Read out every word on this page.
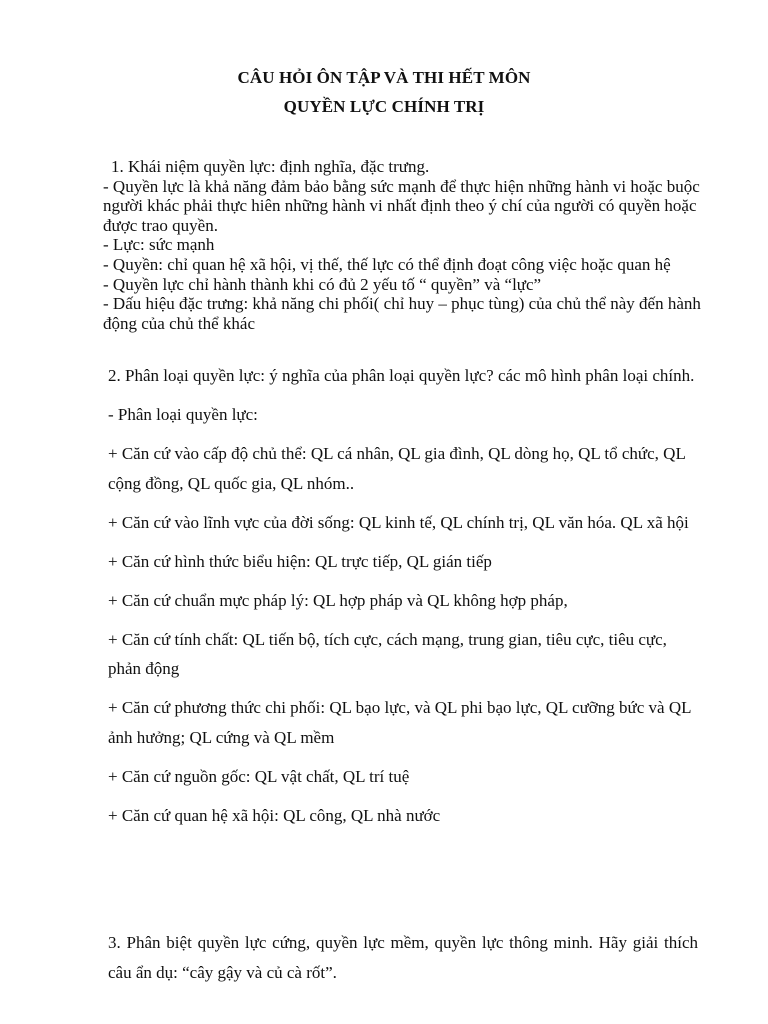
CÂU HỎI ÔN TẬP VÀ THI HẾT MÔN
QUYỀN LỰC CHÍNH TRỊ
1. Khái niệm quyền lực: định nghĩa, đặc trưng.
- Quyền lực là khả năng đảm bảo bằng sức mạnh để thực hiện những hành vi hoặc buộc người khác phải thực hiên những hành vi nhất định theo ý chí của người có quyền hoặc được trao quyền.
- Lực: sức mạnh
- Quyền: chỉ quan hệ xã hội, vị thế, thế lực có thể định đoạt công việc hoặc quan hệ
- Quyền lực chỉ hành thành khi có đủ 2 yếu tố “ quyền” và “lực”
- Dấu hiệu đặc trưng: khả năng chi phối( chỉ huy – phục tùng) của chủ thể này đến hành động của chủ thể khác

2. Phân loại quyền lực: ý nghĩa của phân loại quyền lực? các mô hình phân loại chính.

- Phân loại quyền lực:

+ Căn cứ vào cấp độ chủ thể: QL cá nhân, QL gia đình, QL dòng họ, QL tổ chức, QL cộng đồng, QL quốc gia, QL nhóm..

+ Căn cứ vào lĩnh vực của đời sống: QL kinh tế, QL chính trị, QL văn hóa. QL xã hội

+ Căn cứ hình thức biểu hiện: QL trực tiếp, QL gián tiếp

+ Căn cứ chuẩn mực pháp lý: QL hợp pháp và QL không hợp pháp,

+ Căn cứ tính chất: QL tiến bộ, tích cực, cách mạng, trung gian, tiêu cực, tiêu cực, phản động

+ Căn cứ phương thức chi phối: QL bạo lực, và QL phi bạo lực, QL cưỡng bức và QL ảnh hưởng; QL cứng và QL mềm

+ Căn cứ nguồn gốc: QL vật chất, QL trí tuệ

+ Căn cứ quan hệ xã hội: QL công, QL nhà nước

3. Phân biệt quyền lực cứng, quyền lực mềm, quyền lực thông minh. Hãy giải thích câu ẩn dụ: “cây gậy và củ cà rốt”.
